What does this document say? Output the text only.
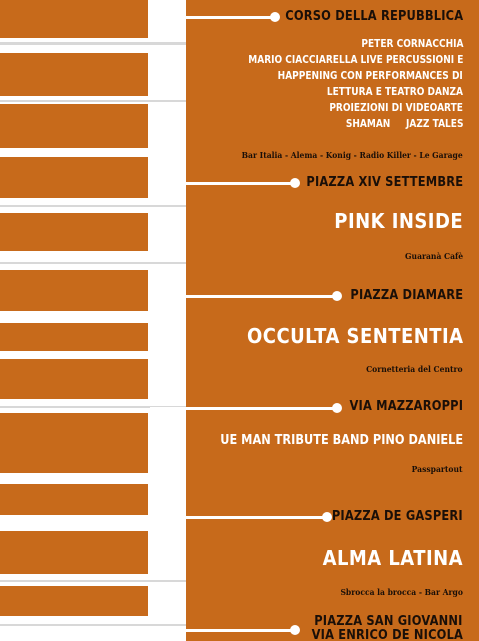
CORSO DELLA REPUBBLICA
PETER CORNACCHIA
MARIO CIACCIARELLA LIVE PERCUSSIONI E
HAPPENING CON PERFORMANCES DI
LETTURA E TEATRO DANZA
PROIEZIONI DI VIDEOARTE
SHAMAN     JAZZ TALES
Bar Italia - Alema - Konig - Radio Killer - Le Garage
PIAZZA XIV SETTEMBRE
PINK INSIDE
Guaranà Cafè
PIAZZA DIAMARE
OCCULTA SENTENTIA
Cornetteria del Centro
VIA MAZZAROPPI
UE MAN TRIBUTE BAND PINO DANIELE
Passpartout
PIAZZA DE GASPERI
ALMA LATINA
Sbrocca la brocca - Bar Argo
PIAZZA SAN GIOVANNI
VIA ENRICO DE NICOLA
